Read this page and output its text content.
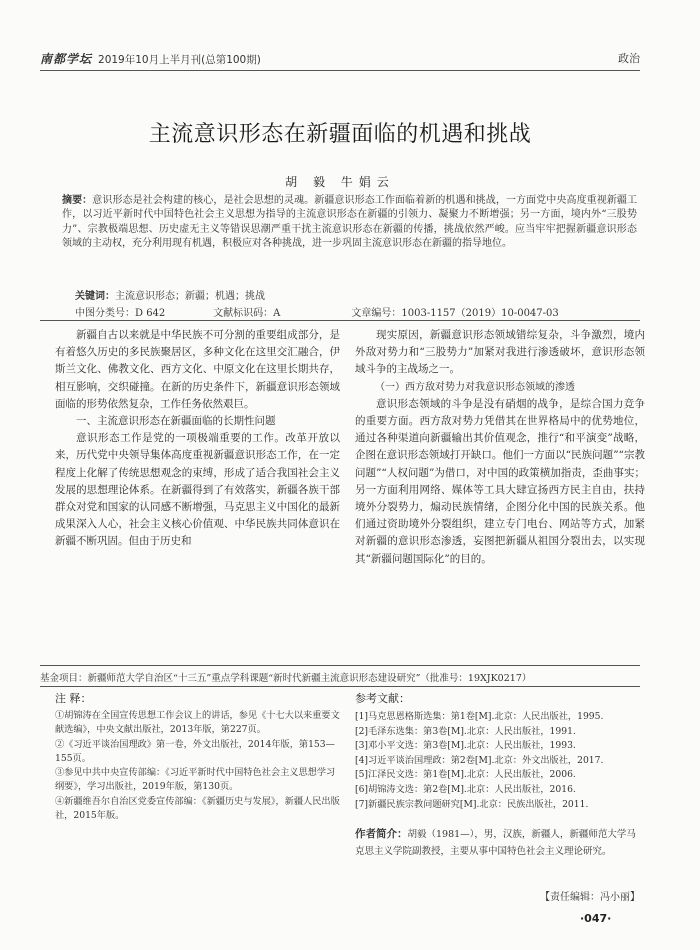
南都学坛 2019年10月上半月刊(总第100期)	政治
主流意识形态在新疆面临的机遇和挑战
胡 毅 牛娟云
摘要：意识形态是社会构建的核心，是社会思想的灵魂。新疆意识形态工作面临着新的机遇和挑战，一方面党中央高度重视新疆工作，以习近平新时代中国特色社会主义思想为指导的主流意识形态在新疆的引领力、凝聚力不断增强；另一方面，境内外“三股势力”、宗教极端思想、历史虚无主义等错误思潮严重干扰主流意识形态在新疆的传播，挑战依然严峻。应当牢牢把握新疆意识形态领域的主动权，充分利用现有机遇，积极应对各种挑战，进一步巩固主流意识形态在新疆的指导地位。
关键词：主流意识形态；新疆；机遇；挑战
中图分类号：D 642	文献标识码：A	文章编号：1003-1157（2019）10-0047-03

新疆自古以来就是中华民族不可分割的重要组成部分，是有着悠久历史的多民族聚居区，多种文化在这里交汇融合，伊斯兰文化、佛教文化、西方文化、中原文化在这里长期共存，相互影响，交织碰撞。在新的历史条件下，新疆意识形态领域面临的形势依然复杂，工作任务依然艰巨。

一、主流意识形态在新疆面临的长期性问题

意识形态工作是党的一项极端重要的工作。改革开放以来，历代党中央领导集体高度重视新疆意识形态工作，在一定程度上化解了传统思想观念的束缚，形成了适合我国社会主义发展的思想理论体系。在新疆得到了有效落实，新疆各族干部群众对党和国家的认同感不断增强，马克思主义中国化的最新成果深入人心，社会主义核心价值观、中华民族共同体意识在新疆不断巩固。但由于历史和

现实原因，新疆意识形态领域错综复杂，斗争激烈，境内外敌对势力和“三股势力”加紧对我进行渗透破坏，意识形态领域斗争的主战场之一。

（一）西方敌对势力对我意识形态领域的渗透

意识形态领域的斗争是没有硝烟的战争，是综合国力竞争的重要方面。西方敌对势力凭借其在世界格局中的优势地位，通过各种渠道向新疆输出其价值观念，推行“和平演变”战略，企图在意识形态领域打开缺口。他们一方面以“民族问题”“宗教问题”“人权问题”为借口，对中国的政策横加指责，歪曲事实；另一方面利用网络、媒体等工具大肆宣扬西方民主自由，扶持境外分裂势力，煽动民族情绪，企图分化中国的民族关系。他们通过资助境外分裂组织，建立专门电台、网站等方式，加紧对新疆的意识形态渗透，妄图把新疆从祖国分裂出去，以实现其“新疆问题国际化”的目的。

基金项目：新疆师范大学自治区“十三五”重点学科课题“新时代新疆主流意识形态建设研究”（批准号：19XJK0217）
注 释：

①胡锦涛在全国宣传思想工作会议上的讲话，参见《十七大以来重要文献选编》，中央文献出版社，2013年版，第227页。

②《习近平谈治国理政》第一卷，外文出版社，2014年版，第153—155页。

③参见中共中央宣传部编：《习近平新时代中国特色社会主义思想学习纲要》，学习出版社，2019年版，第130页。

④新疆维吾尔自治区党委宣传部编：《新疆历史与发展》，新疆人民出版社，2015年版。

参考文献：

[1]马克思恩格斯选集：第1卷[M].北京：人民出版社，1995.

[2]毛泽东选集：第3卷[M].北京：人民出版社，1991.

[3]邓小平文选：第3卷[M].北京：人民出版社，1993.

[4]习近平谈治国理政：第2卷[M].北京：外文出版社，2017.

[5]江泽民文选：第1卷[M].北京：人民出版社，2006.

[6]胡锦涛文选：第2卷[M].北京：人民出版社，2016.

[7]新疆民族宗教问题研究[M].北京：民族出版社，2011.

作者简介：胡毅（1981—），男，汉族，新疆人，新疆师范大学马克思主义学院副教授，主要从事中国特色社会主义理论研究。
【责任编辑：冯小丽】
·047·
